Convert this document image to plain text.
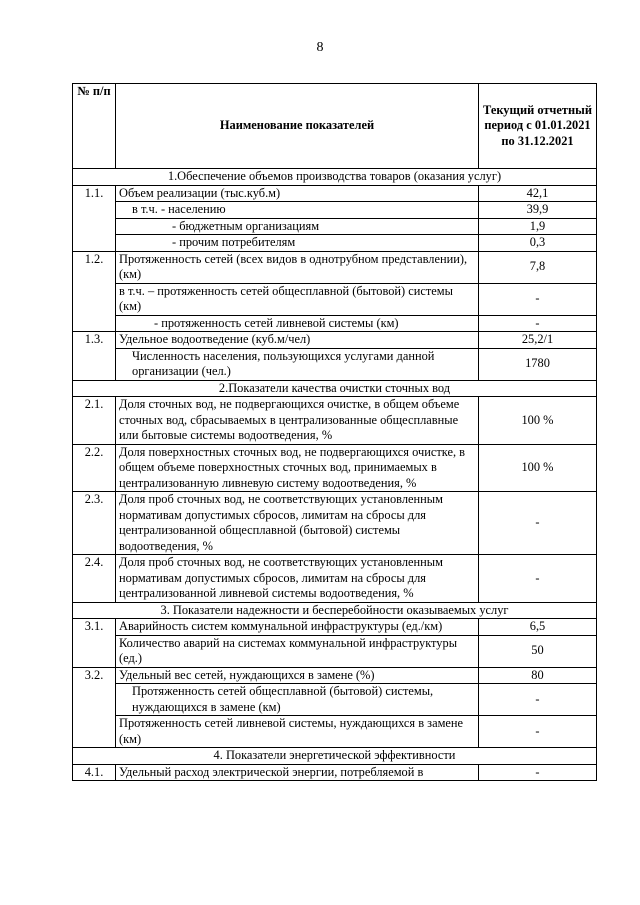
8
№ п/п	Наименование показателей	Текущий отчетный период с 01.01.2021 по 31.12.2021
1.Обеспечение объемов производства товаров (оказания услуг)		
1.1.	Объем реализации (тыс.куб.м)	42,1
	в т.ч. - населению	39,9
	- бюджетным организациям	1,9
	- прочим потребителям	0,3
1.2.	Протяженность сетей (всех видов в однотрубном представлении), (км)	7,8
	в т.ч. – протяженность сетей общесплавной (бытовой) системы (км)	-
	- протяженность сетей ливневой системы (км)	-
1.3.	Удельное водоотведение (куб.м/чел)	25,2/1
	Численность населения, пользующихся услугами данной организации (чел.)	1780
2.Показатели качества очистки сточных вод		
2.1.	Доля сточных вод, не подвергающихся очистке, в общем объеме сточных вод, сбрасываемых в централизованные общесплавные или бытовые системы водоотведения, %	100 %
2.2.	Доля поверхностных сточных вод, не подвергающихся очистке, в общем объеме поверхностных сточных вод, принимаемых в централизованную ливневую систему водоотведения, %	100 %
2.3.	Доля проб сточных вод, не соответствующих установленным нормативам допустимых сбросов, лимитам на сбросы для централизованной общесплавной (бытовой) системы водоотведения, %	-
2.4.	Доля проб сточных вод, не соответствующих установленным нормативам допустимых сбросов, лимитам на сбросы для централизованной ливневой системы водоотведения, %	-
3. Показатели надежности и бесперебойности оказываемых услуг		
3.1.	Аварийность систем коммунальной инфраструктуры (ед./км)	6,5
	Количество аварий на системах коммунальной инфраструктуры (ед.)	50
3.2.	Удельный вес сетей, нуждающихся в замене (%)	80
	Протяженность сетей общесплавной (бытовой) системы, нуждающихся в замене (км)	-
	Протяженность сетей ливневой системы, нуждающихся в замене (км)	-
4. Показатели энергетической эффективности		
4.1.	Удельный расход электрической энергии, потребляемой в	-
